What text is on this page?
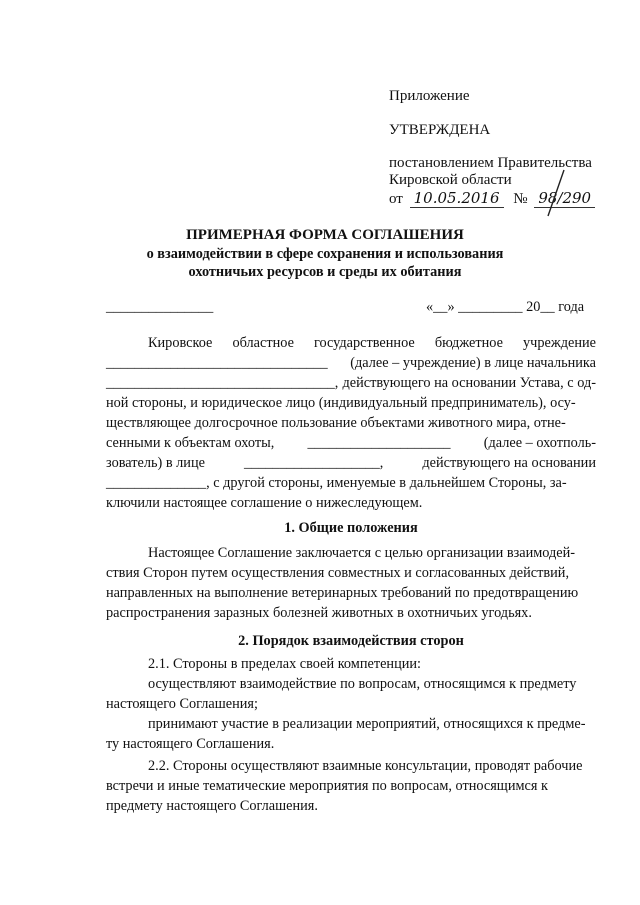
Приложение
УТВЕРЖДЕНА
постановлением Правительства
Кировской области
от 10.05.2016 № 98/290
ПРИМЕРНАЯ ФОРМА СОГЛАШЕНИЯ
о взаимодействии в сфере сохранения и использования
охотничьих ресурсов и среды их обитания
_______________	«__» _________ 20__ года
Кировское областное государственное бюджетное учреждение
_______________________________ (далее – учреждение) в лице начальника
________________________________, действующего на основании Устава, с од-
ной стороны, и юридическое лицо (индивидуальный предприниматель), осу-
ществляющее долгосрочное пользование объектами животного мира, отне-
сенными к объектам охоты, ____________________ (далее – охотполь-
зователь) в лице	___________________,	действующего на основании
______________, с другой стороны, именуемые в дальнейшем Стороны, за-
ключили настоящее соглашение о нижеследующем.
1. Общие положения
Настоящее Соглашение заключается с целью организации взаимодей-
ствия Сторон путем осуществления совместных и согласованных действий,
направленных на выполнение ветеринарных требований по предотвращению
распространения заразных болезней животных в охотничьих угодьях.
2. Порядок взаимодействия сторон
2.1. Стороны в пределах своей компетенции:
осуществляют взаимодействие по вопросам, относящимся к предмету
настоящего Соглашения;
принимают участие в реализации мероприятий, относящихся к предме-
ту настоящего Соглашения.
2.2. Стороны осуществляют взаимные консультации, проводят рабочие
встречи и иные тематические мероприятия по вопросам, относящимся к
предмету настоящего Соглашения.
